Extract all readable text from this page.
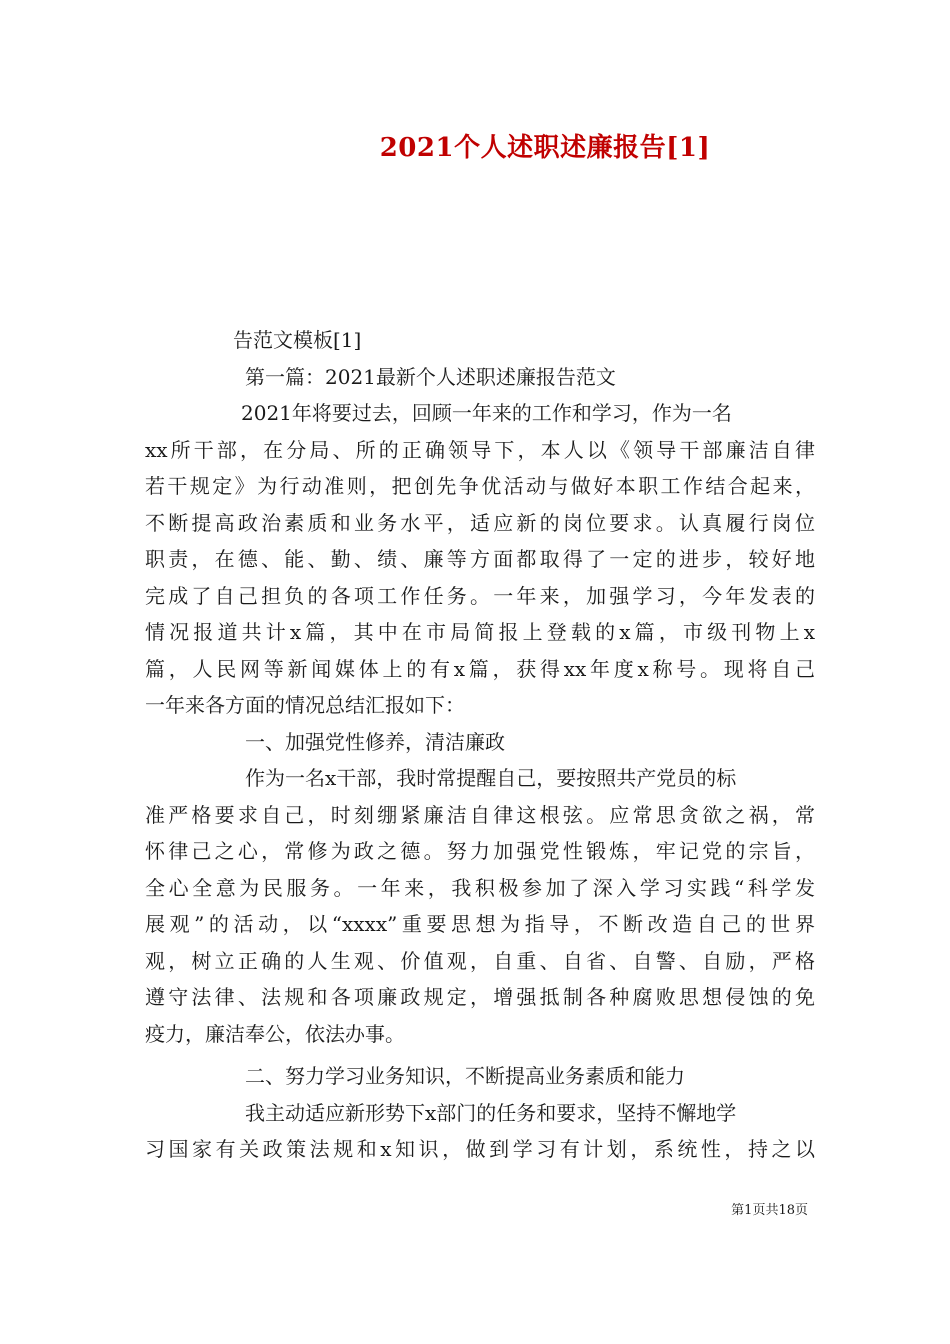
2021个人述职述廉报告[1]
告范文模板[1]
第一篇：2021最新个人述职述廉报告范文
2021年将要过去，回顾一年来的工作和学习，作为一名
xx所干部，在分局、所的正确领导下，本人以《领导干部廉洁自律
若干规定》为行动准则，把创先争优活动与做好本职工作结合起来，
不断提高政治素质和业务水平，适应新的岗位要求。认真履行岗位
职责，在德、能、勤、绩、廉等方面都取得了一定的进步，较好地
完成了自己担负的各项工作任务。一年来，加强学习，今年发表的
情况报道共计x篇，其中在市局简报上登载的x篇，市级刊物上x
篇，人民网等新闻媒体上的有x篇，获得xx年度x称号。现将自己
一年来各方面的情况总结汇报如下：
一、加强党性修养，清洁廉政
作为一名x干部，我时常提醒自己，要按照共产党员的标
准严格要求自己，时刻绷紧廉洁自律这根弦。应常思贪欲之祸，常
怀律己之心，常修为政之德。努力加强党性锻炼，牢记党的宗旨，
全心全意为民服务。一年来，我积极参加了深入学习实践“科学发
展观”的活动，以“xxxx”重要思想为指导，不断改造自己的世界
观，树立正确的人生观、价值观，自重、自省、自警、自励，严格
遵守法律、法规和各项廉政规定，增强抵制各种腐败思想侵蚀的免
疫力，廉洁奉公，依法办事。
二、努力学习业务知识，不断提高业务素质和能力
我主动适应新形势下x部门的任务和要求，坚持不懈地学
习国家有关政策法规和x知识，做到学习有计划，系统性，持之以
第1页共18页
